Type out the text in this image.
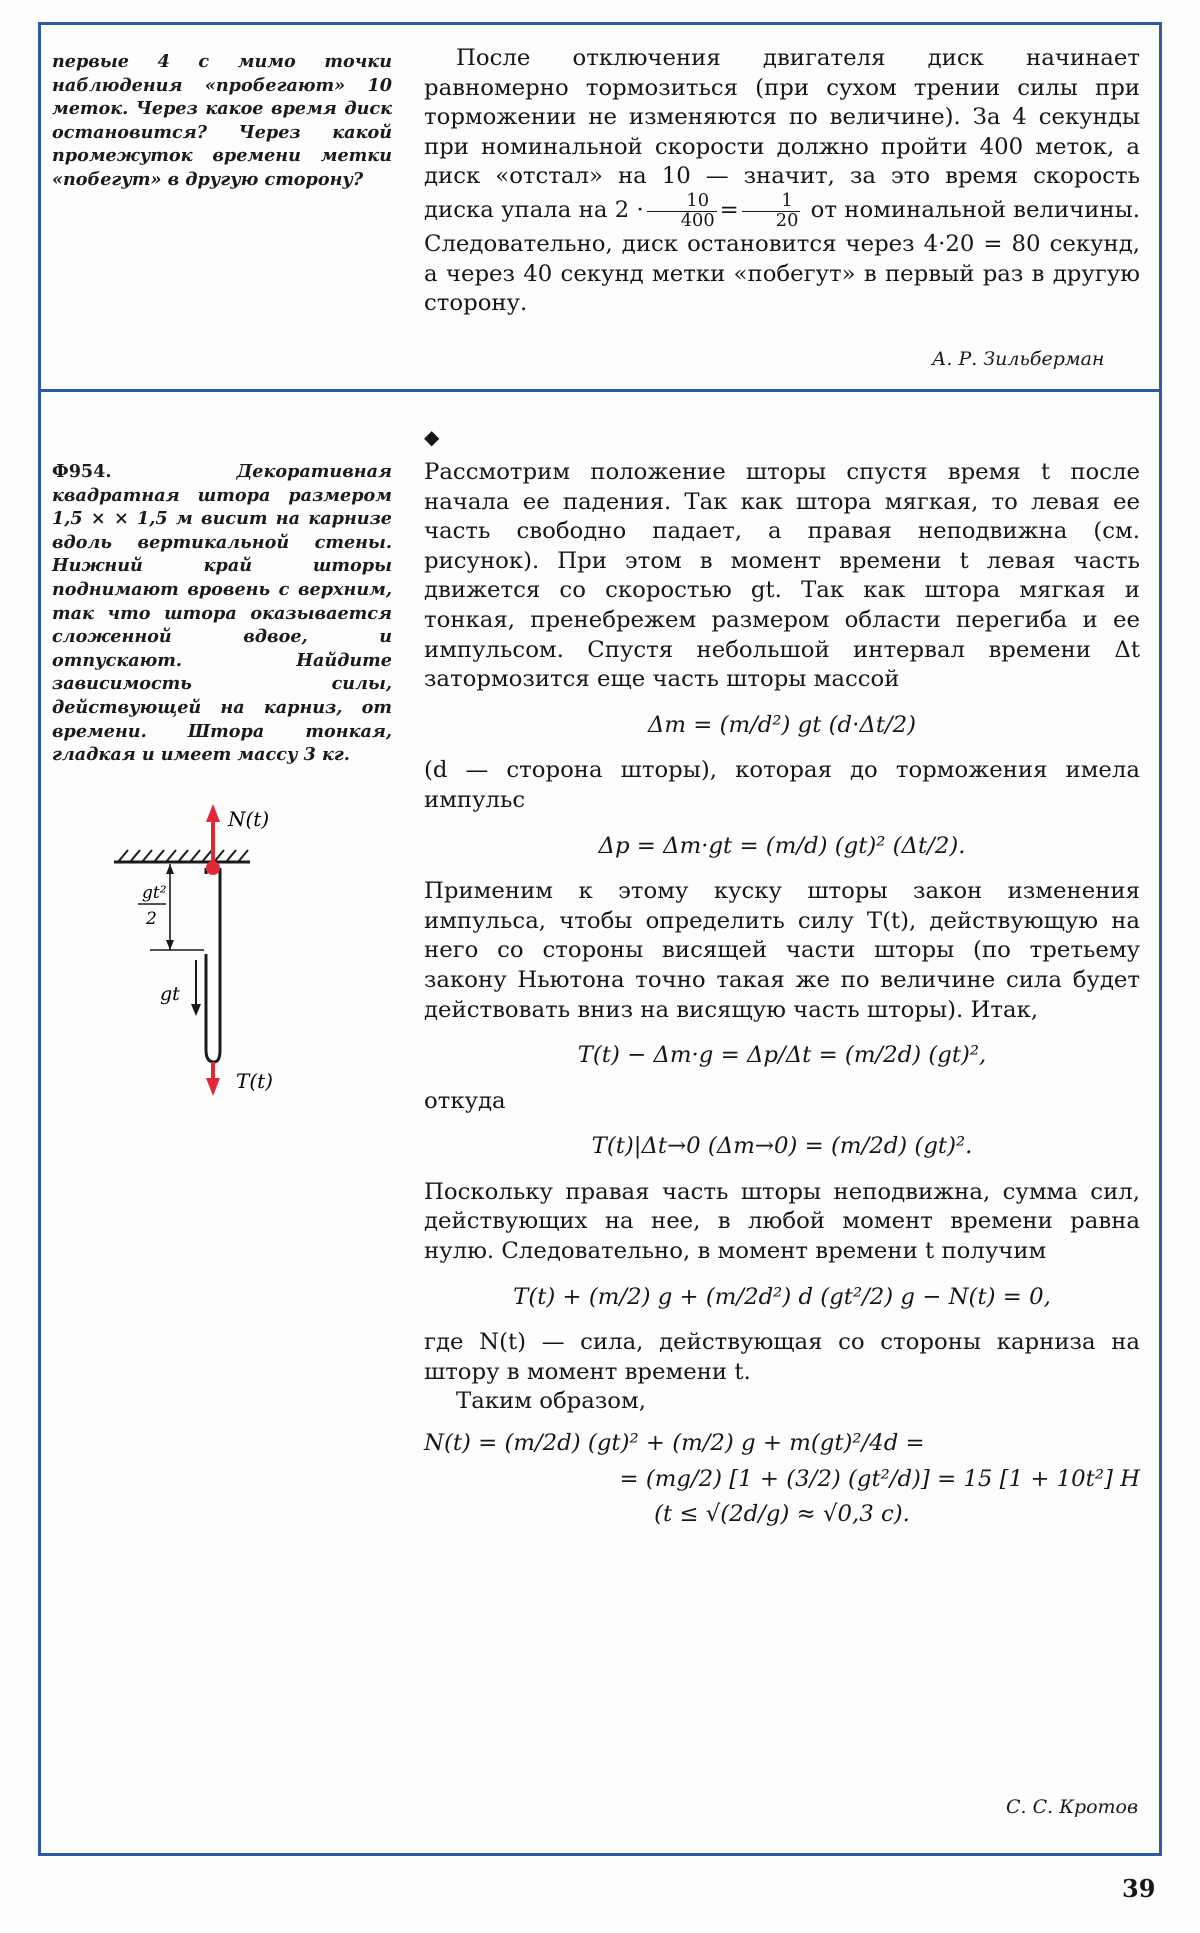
первые 4 с мимо точки наблюдения «пробегают» 10 меток. Через какое время диск остановится? Через какой промежуток времени метки «побегут» в другую сторону?

После отключения двигателя диск начинает равномерно тормозиться (при сухом трении силы при торможении не изменяются по величине). За 4 секунды при номинальной скорости должно пройти 400 меток, а диск «отстал» на 10 — значит, за это время скорость диска упала на $2 \cdot \frac{10}{400} = \frac{1}{20}$ от номинальной величины. Следовательно, диск остановится через 4·20 = 80 секунд, а через 40 секунд метки «побегут» в первый раз в другую сторону.

А. Р. Зильберман
Ф954.	Декоративная квадратная штора размером 1,5 × × 1,5 м висит на карнизе вдоль вертикальной стены. Нижний край шторы поднимают вровень с верхним, так что штора оказывается сложенной вдвое, и отпускают. Найдите зависимость силы, действующей на карниз, от времени. Штора тонкая, гладкая и имеет массу 3 кг.
gt²
2
gt
N(t)
T(t)
◆

Рассмотрим положение шторы спустя время t после начала ее падения. Так как штора мягкая, то левая ее часть свободно падает, а правая неподвижна (см. рисунок). При этом в момент времени t левая часть движется со скоростью gt. Так как штора мягкая и тонкая, пренебрежем размером области перегиба и ее импульсом. Спустя небольшой интервал времени Δt затормозится еще часть шторы массой

Δm = (m/d²) gt (d·Δt/2)

(d — сторона шторы), которая до торможения имела импульс

Δp = Δm·gt = (m/d) (gt)² (Δt/2).

Применим к этому куску шторы закон изменения импульса, чтобы определить силу T(t), действующую на него со стороны висящей части шторы (по третьему закону Ньютона точно такая же по величине сила будет действовать вниз на висящую часть шторы). Итак,

T(t) − Δm·g = Δp/Δt = (m/2d) (gt)²,

откуда

T(t)|Δt→0 (Δm→0) = (m/2d) (gt)².

Поскольку правая часть шторы неподвижна, сумма сил, действующих на нее, в любой момент времени равна нулю. Следовательно, в момент времени t получим

T(t) + (m/2) g + (m/2d²) d (gt²/2) g − N(t) = 0,

где N(t) — сила, действующая со стороны карниза на штору в момент времени t.

Таким образом,

N(t) = (m/2d) (gt)² + (m/2) g + m(gt)²/4d =

= (mg/2) [1 + (3/2) (gt²/d)] = 15 [1 + 10t²] Н

(t ≤ √(2d/g) ≈ √0,3 с).

С. С. Кротов
39
